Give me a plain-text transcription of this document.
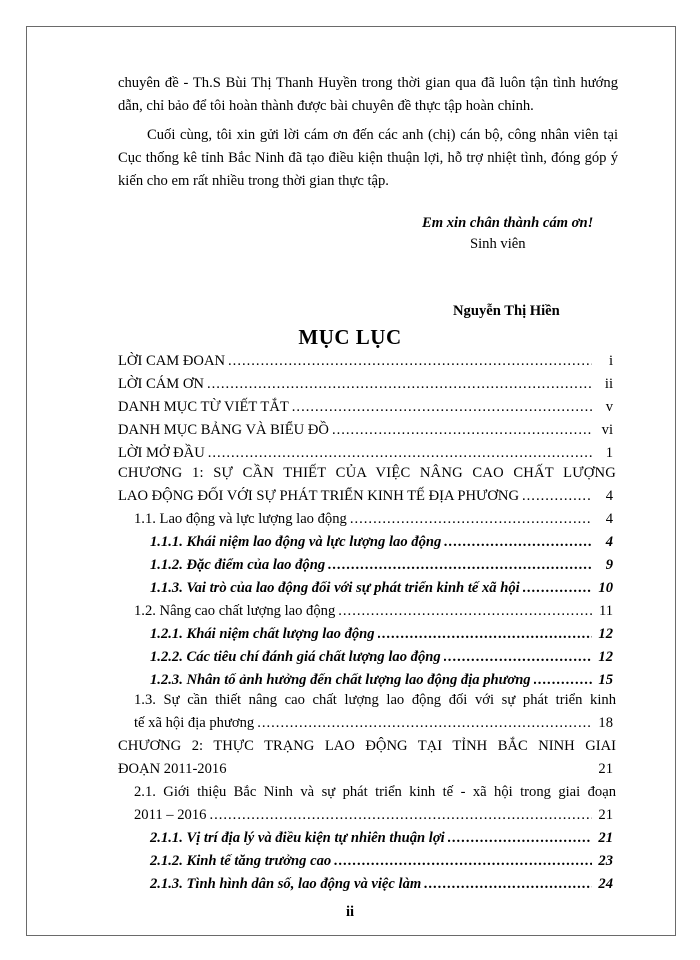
chuyên đề - Th.S Bùi Thị Thanh Huyền trong thời gian qua đã luôn tận tình hướng dẫn, chỉ bảo để tôi hoàn thành được bài chuyên đề thực tập hoàn chỉnh.

Cuối cùng, tôi xin gửi lời cám ơn đến các anh (chị) cán bộ, công nhân viên tại Cục thống kê tỉnh Bắc Ninh đã tạo điều kiện thuận lợi, hỗ trợ nhiệt tình, đóng góp ý kiến cho em rất nhiều trong thời gian thực tập.

Em xin chân thành cám ơn!
Sinh viên
Nguyễn Thị Hiền
MỤC LỤC
LỜI CAM ĐOAN .....	i
LỜI CÁM ƠN .....	ii
DANH MỤC TỪ VIẾT TẮT .....	v
DANH MỤC BẢNG VÀ BIỂU ĐỒ .....	vi
LỜI MỞ ĐẦU .....	1
CHƯƠNG 1: SỰ CẦN THIẾT CỦA VIỆC NÂNG CAO CHẤT LƯỢNG
LAO ĐỘNG ĐỐI VỚI SỰ PHÁT TRIỂN KINH TẾ ĐỊA PHƯƠNG .....	4
1.1. Lao động và lực lượng lao động .....	4
1.1.1. Khái niệm lao động và lực lượng lao động .....	4
1.1.2. Đặc điểm của lao động .....	9
1.1.3. Vai trò của lao động đối với sự phát triển kinh tế xã hội .....	10
1.2. Nâng cao chất lượng lao động .....	11
1.2.1. Khái niệm chất lượng lao động .....	12
1.2.2. Các tiêu chí đánh giá chất lượng lao động .....	12
1.2.3. Nhân tố ảnh hưởng đến chất lượng lao động địa phương .....	15
1.3. Sự cần thiết nâng cao chất lượng lao động đối với sự phát triển kinh
tế xã hội địa phương .....	18
CHƯƠNG 2: THỰC TRẠNG LAO ĐỘNG TẠI TỈNH BẮC NINH GIAI
ĐOẠN 2011-2016	21
2.1. Giới thiệu Bắc Ninh và sự phát triển kinh tế - xã hội trong giai đoạn
2011 – 2016 .....	21
2.1.1. Vị trí địa lý và điều kiện tự nhiên thuận lợi .....	21
2.1.2. Kinh tế tăng trưởng cao .....	23
2.1.3. Tình hình dân số, lao động và việc làm .....	24
ii
